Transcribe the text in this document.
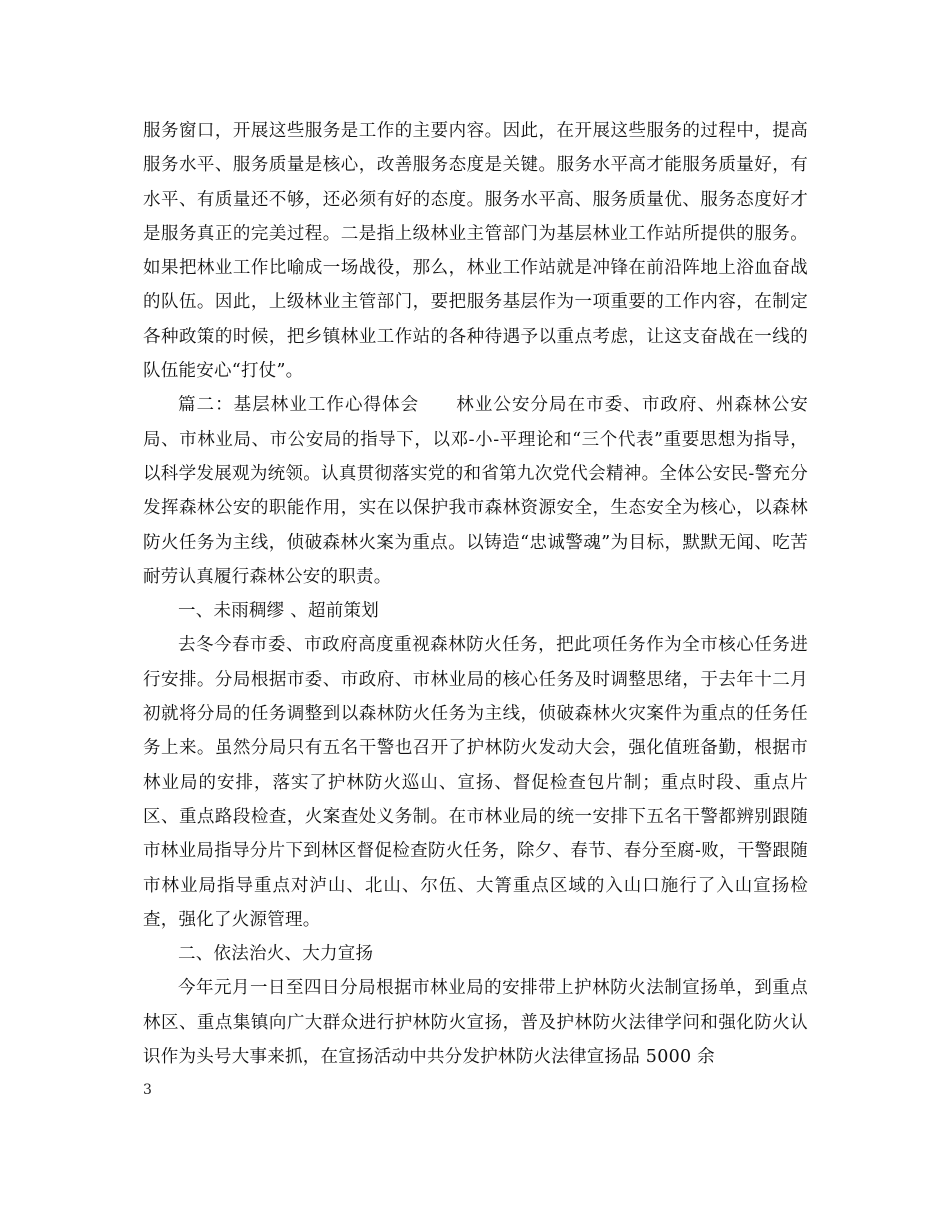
服务窗口，开展这些服务是工作的主要内容。因此，在开展这些服务的过程中，提高服务水平、服务质量是核心，改善服务态度是关键。服务水平高才能服务质量好，有水平、有质量还不够，还必须有好的态度。服务水平高、服务质量优、服务态度好才是服务真正的完美过程。二是指上级林业主管部门为基层林业工作站所提供的服务。如果把林业工作比喻成一场战役，那么，林业工作站就是冲锋在前沿阵地上浴血奋战的队伍。因此，上级林业主管部门，要把服务基层作为一项重要的工作内容，在制定各种政策的时候，把乡镇林业工作站的各种待遇予以重点考虑，让这支奋战在一线的队伍能安心“打仗”。

篇二：基层林业工作心得体会　　林业公安分局在市委、市政府、州森林公安局、市林业局、市公安局的指导下，以邓-小-平理论和“三个代表”重要思想为指导，以科学发展观为统领。认真贯彻落实党的和省第九次党代会精神。全体公安民-警充分发挥森林公安的职能作用，实在以保护我市森林资源安全，生态安全为核心，以森林防火任务为主线，侦破森林火案为重点。以铸造“忠诚警魂”为目标，默默无闻、吃苦耐劳认真履行森林公安的职责。

一、未雨稠缪 、超前策划

去冬今春市委、市政府高度重视森林防火任务，把此项任务作为全市核心任务进行安排。分局根据市委、市政府、市林业局的核心任务及时调整思绪，于去年十二月初就将分局的任务调整到以森林防火任务为主线，侦破森林火灾案件为重点的任务任务上来。虽然分局只有五名干警也召开了护林防火发动大会，强化值班备勤，根据市林业局的安排，落实了护林防火巡山、宣扬、督促检查包片制；重点时段、重点片区、重点路段检查，火案查处义务制。在市林业局的统一安排下五名干警都辨别跟随市林业局指导分片下到林区督促检查防火任务，除夕、春节、春分至腐-败，干警跟随市林业局指导重点对泸山、北山、尔伍、大箐重点区域的入山口施行了入山宣扬检查，强化了火源管理。

二、依法治火、大力宣扬

今年元月一日至四日分局根据市林业局的安排带上护林防火法制宣扬单，到重点林区、重点集镇向广大群众进行护林防火宣扬，普及护林防火法律学问和强化防火认识作为头号大事来抓，在宣扬活动中共分发护林防火法律宣扬品 5000 余

3
